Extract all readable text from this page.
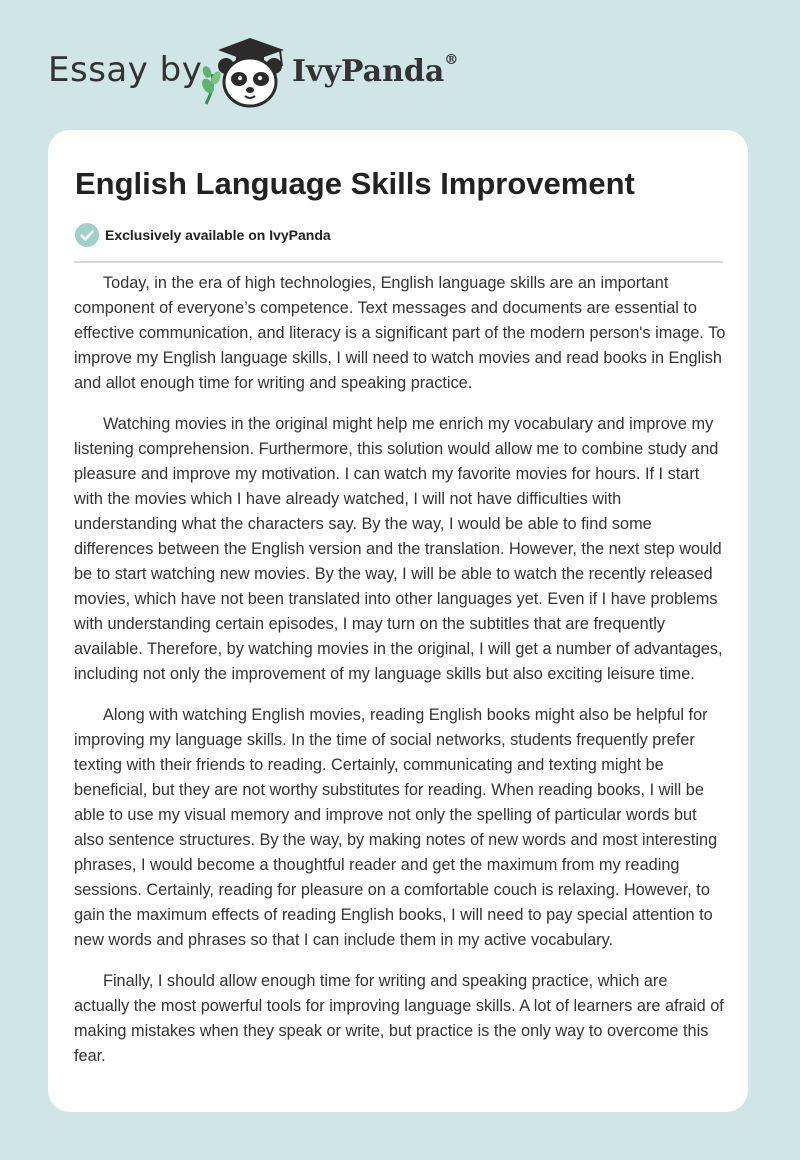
Essay by	IvyPanda®
English Language Skills Improvement
Exclusively available on IvyPanda

Today, in the era of high technologies, English language skills are an important component of everyone’s competence. Text messages and documents are essential to effective communication, and literacy is a significant part of the modern person's image. To improve my English language skills, I will need to watch movies and read books in English and allot enough time for writing and speaking practice.

Watching movies in the original might help me enrich my vocabulary and improve my listening comprehension. Furthermore, this solution would allow me to combine study and pleasure and improve my motivation. I can watch my favorite movies for hours. If I start with the movies which I have already watched, I will not have difficulties with understanding what the characters say. By the way, I would be able to find some differences between the English version and the translation. However, the next step would be to start watching new movies. By the way, I will be able to watch the recently released movies, which have not been translated into other languages yet. Even if I have problems with understanding certain episodes, I may turn on the subtitles that are frequently available. Therefore, by watching movies in the original, I will get a number of advantages, including not only the improvement of my language skills but also exciting leisure time.

Along with watching English movies, reading English books might also be helpful for improving my language skills. In the time of social networks, students frequently prefer texting with their friends to reading. Certainly, communicating and texting might be beneficial, but they are not worthy substitutes for reading. When reading books, I will be able to use my visual memory and improve not only the spelling of particular words but also sentence structures. By the way, by making notes of new words and most interesting phrases, I would become a thoughtful reader and get the maximum from my reading sessions. Certainly, reading for pleasure on a comfortable couch is relaxing. However, to gain the maximum effects of reading English books, I will need to pay special attention to new words and phrases so that I can include them in my active vocabulary.

Finally, I should allow enough time for writing and speaking practice, which are actually the most powerful tools for improving language skills. A lot of learners are afraid of making mistakes when they speak or write, but practice is the only way to overcome this fear.
